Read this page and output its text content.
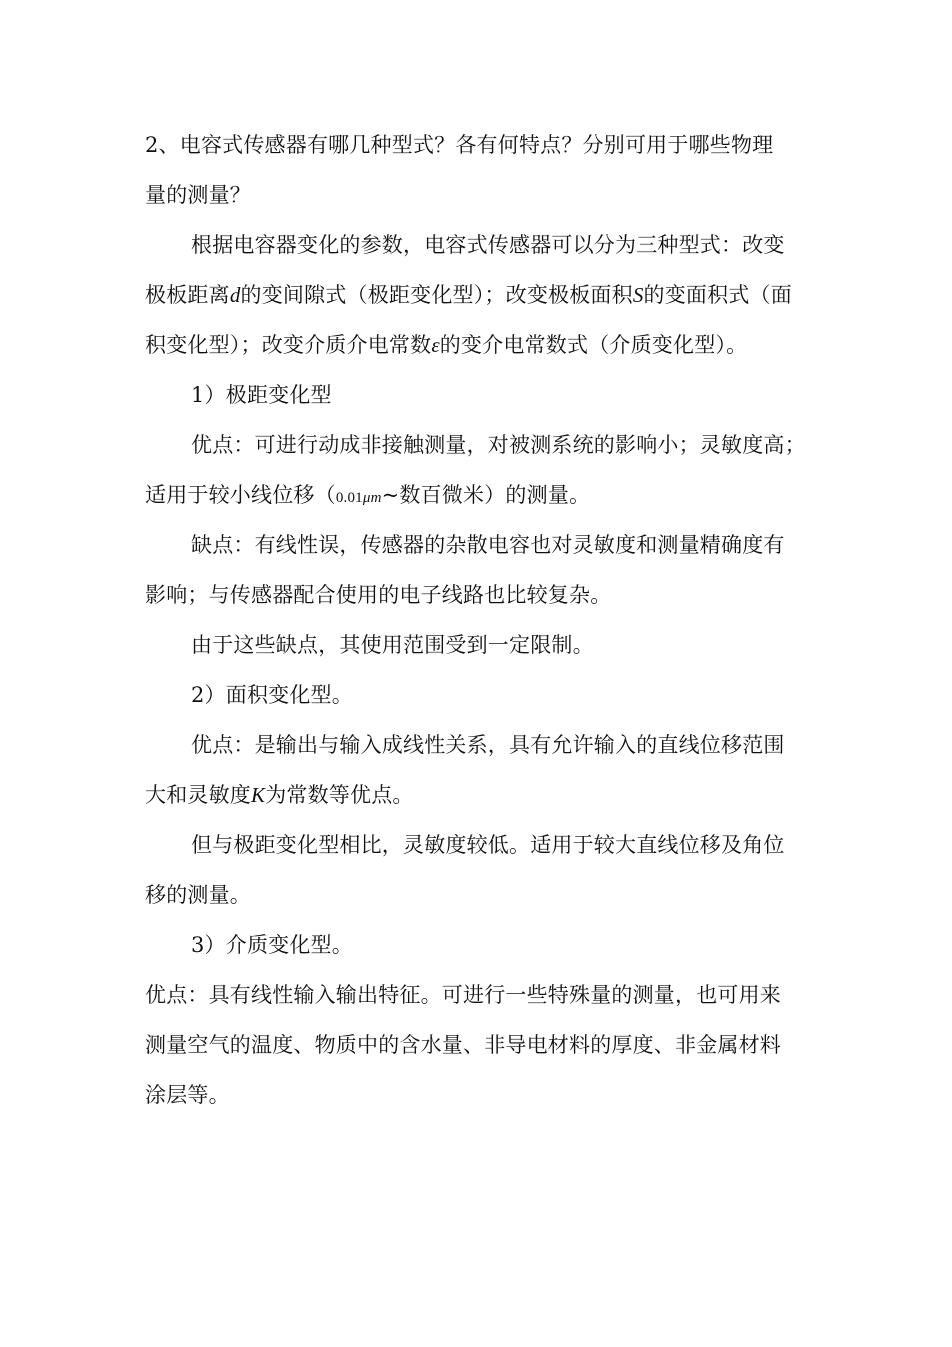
2、电容式传感器有哪几种型式？各有何特点？分别可用于哪些物理
量的测量？
根据电容器变化的参数，电容式传感器可以分为三种型式：改变
极板距离d的变间隙式（极距变化型）；改变极板面积S的变面积式（面
积变化型）；改变介质介电常数ε的变介电常数式（介质变化型）。
1）极距变化型
优点：可进行动成非接触测量，对被测系统的影响小；灵敏度高；
适用于较小线位移（0.01μm~数百微米）的测量。
缺点：有线性误，传感器的杂散电容也对灵敏度和测量精确度有
影响；与传感器配合使用的电子线路也比较复杂。
由于这些缺点，其使用范围受到一定限制。
2）面积变化型。
优点：是输出与输入成线性关系，具有允许输入的直线位移范围
大和灵敏度K为常数等优点。
但与极距变化型相比，灵敏度较低。适用于较大直线位移及角位
移的测量。
3）介质变化型。
优点：具有线性输入输出特征。可进行一些特殊量的测量，也可用来
测量空气的温度、物质中的含水量、非导电材料的厚度、非金属材料
涂层等。
